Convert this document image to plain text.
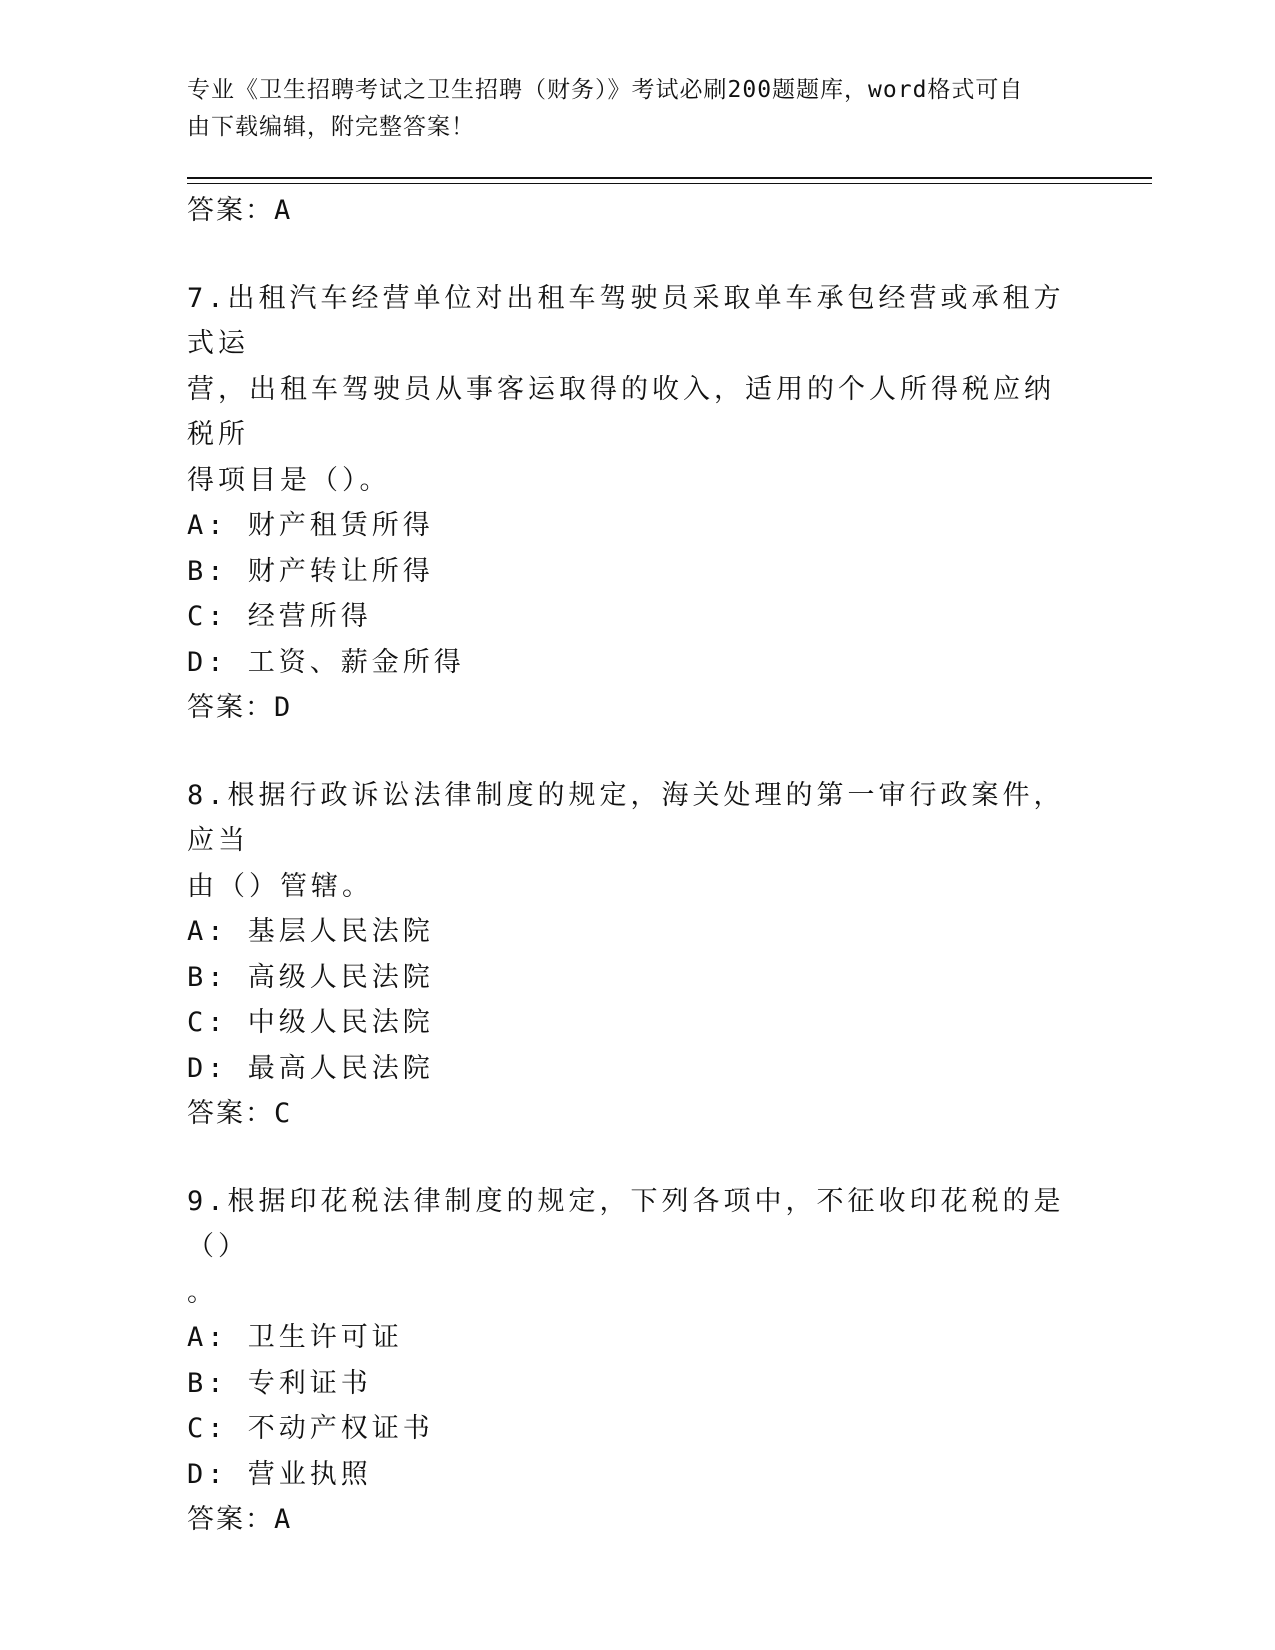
专业《卫生招聘考试之卫生招聘（财务）》考试必刷200题题库，word格式可自
由下载编辑，附完整答案！
答案：A
7.出租汽车经营单位对出租车驾驶员采取单车承包经营或承租方式运
营，出租车驾驶员从事客运取得的收入，适用的个人所得税应纳税所
得项目是（）。
A: 财产租赁所得
B: 财产转让所得
C: 经营所得
D: 工资、薪金所得
答案：D
8.根据行政诉讼法律制度的规定，海关处理的第一审行政案件，应当
由（）管辖。
A: 基层人民法院
B: 高级人民法院
C: 中级人民法院
D: 最高人民法院
答案：C
9.根据印花税法律制度的规定，下列各项中，不征收印花税的是（）
。
A: 卫生许可证
B: 专利证书
C: 不动产权证书
D: 营业执照
答案：A
